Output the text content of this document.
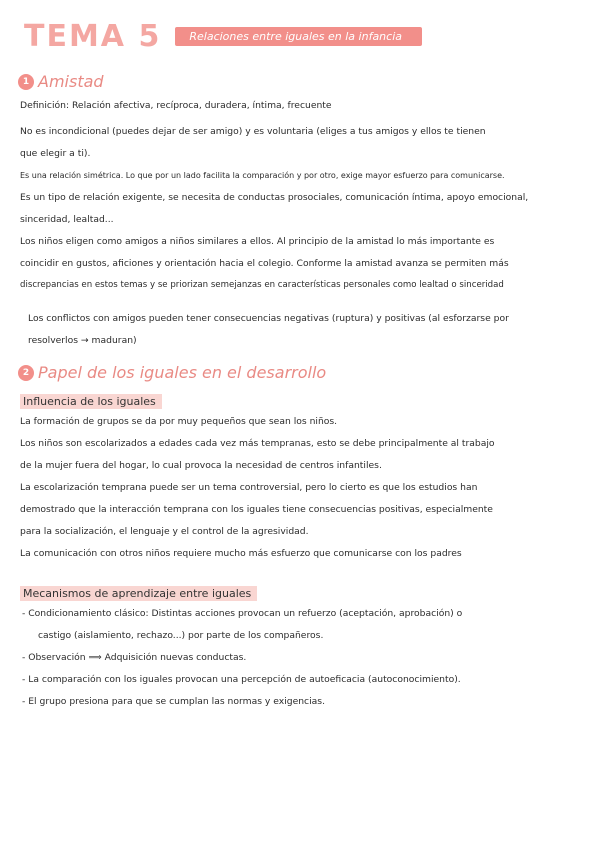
TEMA 5	Relaciones entre iguales en la infancia
1 Amistad

Definición: Relación afectiva, recíproca, duradera, íntima, frecuente

No es incondicional (puedes dejar de ser amigo) y es voluntaria (eliges a tus amigos y ellos te tienen

que elegir a ti).

Es una relación simétrica. Lo que por un lado facilita la comparación y por otro, exige mayor esfuerzo para comunicarse.

Es un tipo de relación exigente, se necesita de conductas prosociales, comunicación íntima, apoyo emocional,

sinceridad, lealtad...

Los niños eligen como amigos a niños similares a ellos. Al principio de la amistad lo más importante es

coincidir en gustos, aficiones y orientación hacia el colegio. Conforme la amistad avanza se permiten más

discrepancias en estos temas y se priorizan semejanzas en características personales como lealtad o sinceridad

Los conflictos con amigos pueden tener consecuencias negativas (ruptura) y positivas (al esforzarse por

resolverlos → maduran)

2 Papel de los iguales en el desarrollo
Influencia de los iguales

La formación de grupos se da por muy pequeños que sean los niños.

Los niños son escolarizados a edades cada vez más tempranas, esto se debe principalmente al trabajo

de la mujer fuera del hogar, lo cual provoca la necesidad de centros infantiles.

La escolarización temprana puede ser un tema controversial, pero lo cierto es que los estudios han

demostrado que la interacción temprana con los iguales tiene consecuencias positivas, especialmente

para la socialización, el lenguaje y el control de la agresividad.

La comunicación con otros niños requiere mucho más esfuerzo que comunicarse con los padres

Mecanismos de aprendizaje entre iguales

- Condicionamiento clásico: Distintas acciones provocan un refuerzo (aceptación, aprobación) o

castigo (aislamiento, rechazo...) por parte de los compañeros.

- Observación ⟹ Adquisición nuevas conductas.

- La comparación con los iguales provocan una percepción de autoeficacia (autoconocimiento).

- El grupo presiona para que se cumplan las normas y exigencias.
